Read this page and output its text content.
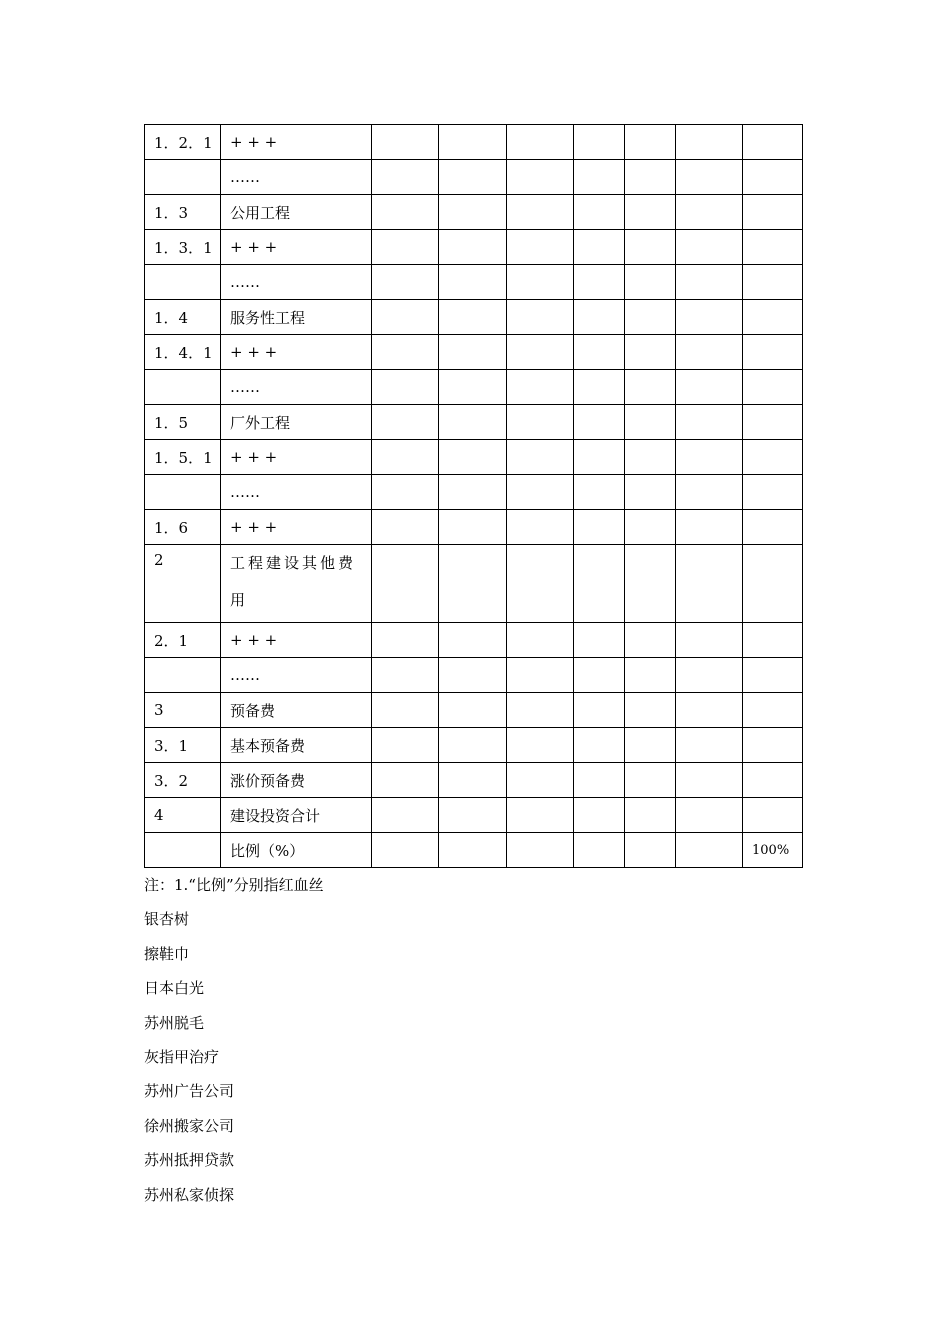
1．2．1	+ + +							
	……							
1．3	公用工程							
1．3．1	+ + +							
	……							
1．4	服务性工程							
1．4．1	+ + +							
	……							
1．5	厂外工程							
1．5．1	+ + +							
	……							
1．6	+ + +							
2	工程建设其他费用							
2．1	+ + +							
	……							
3	预备费							
3．1	基本预备费							
3．2	涨价预备费							
4	建设投资合计							
	比例（%）							100%

注：1.“比例”分别指红血丝

银杏树

擦鞋巾

日本白光

苏州脱毛

灰指甲治疗

苏州广告公司

徐州搬家公司

苏州抵押贷款

苏州私家侦探
